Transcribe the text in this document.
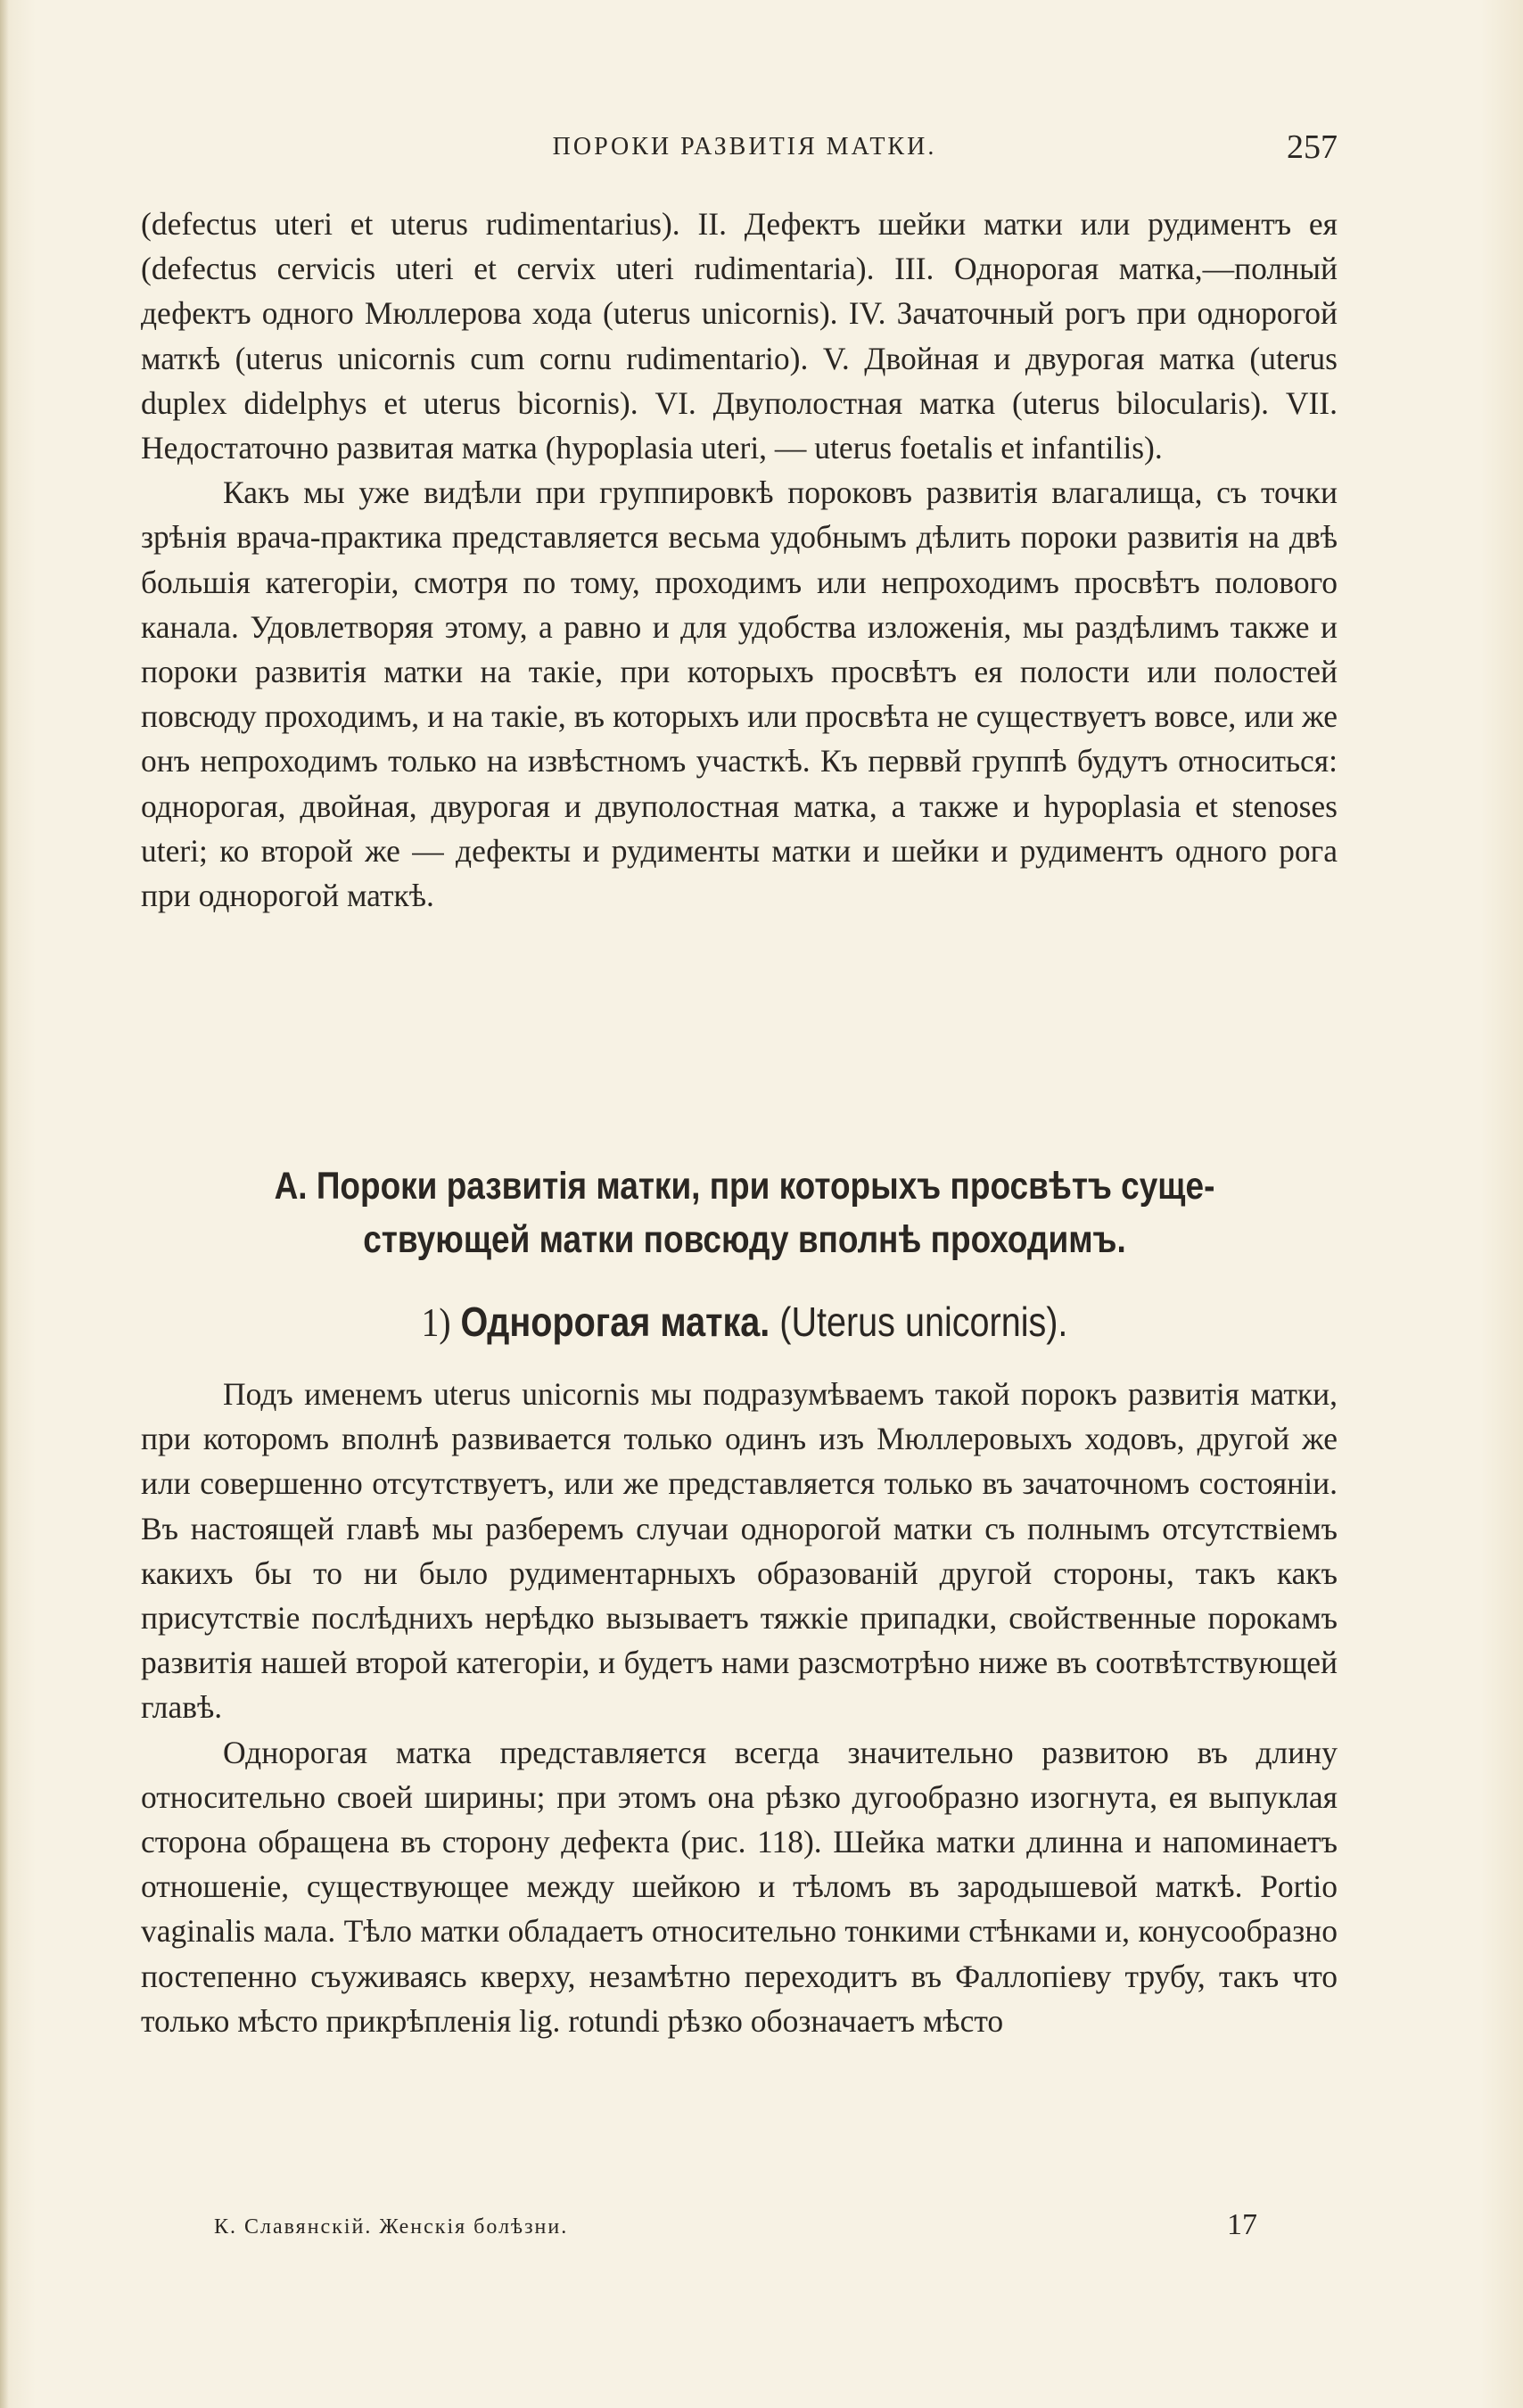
ПОРОКИ РАЗВИТІЯ МАТКИ.	257

(defectus uteri et uterus rudimentarius). II. Дефектъ шейки матки или рудиментъ ея (defectus cervicis uteri et cervix uteri rudimentaria). III. Однорогая матка,—полный дефектъ одного Мюллерова хода (uterus unicornis). IV. Зачаточный рогъ при однорогой маткѣ (uterus unicornis cum cornu rudimentario). V. Двойная и двурогая матка (uterus duplex didelphys et uterus bicornis). VI. Двуполостная матка (uterus bilocularis). VII. Недостаточно развитая матка (hypoplasia uteri, — uterus foetalis et infantilis).

Какъ мы уже видѣли при группировкѣ пороковъ развитія влагалища, съ точки зрѣнія врача-практика представляется весьма удобнымъ дѣлить пороки развитія на двѣ большія категоріи, смотря по тому, проходимъ или непроходимъ просвѣтъ полового канала. Удовлетворяя этому, а равно и для удобства изложенія, мы раздѣлимъ также и пороки развитія матки на такіе, при которыхъ просвѣтъ ея полости или полостей повсюду проходимъ, и на такіе, въ которыхъ или просвѣта не существуетъ вовсе, или же онъ непроходимъ только на извѣстномъ участкѣ. Къ перввй группѣ будутъ относиться: однорогая, двойная, двурогая и двуполостная матка, а также и hypoplasia et stenoses uteri; ко второй же — дефекты и рудименты матки и шейки и рудиментъ одного рога при однорогой маткѣ.

A. Пороки развитія матки, при которыхъ просвѣтъ существующей матки повсюду вполнѣ проходимъ.
1) Однорогая матка. (Uterus unicornis).

Подъ именемъ uterus unicornis мы подразумѣваемъ такой порокъ развитія матки, при которомъ вполнѣ развивается только одинъ изъ Мюллеровыхъ ходовъ, другой же или совершенно отсутствуетъ, или же представляется только въ зачаточномъ состояніи. Въ настоящей главѣ мы разберемъ случаи однорогой матки съ полнымъ отсутствіемъ какихъ бы то ни было рудиментарныхъ образованій другой стороны, такъ какъ присутствіе послѣднихъ нерѣдко вызываетъ тяжкіе припадки, свойственные порокамъ развитія нашей второй категоріи, и будетъ нами разсмотрѣно ниже въ соотвѣтствующей главѣ.

Однорогая матка представляется всегда значительно развитою въ длину относительно своей ширины; при этомъ она рѣзко дугообразно изогнута, ея выпуклая сторона обращена въ сторону дефекта (рис. 118). Шейка матки длинна и напоминаетъ отношеніе, существующее между шейкою и тѣломъ въ зародышевой маткѣ. Portio vaginalis мала. Тѣло матки обладаетъ относительно тонкими стѣнками и, конусообразно постепенно съуживаясь кверху, незамѣтно переходитъ въ Фаллопіеву трубу, такъ что только мѣсто прикрѣпленія lig. rotundi рѣзко обозначаетъ мѣсто

К. Славянскій. Женскія болѣзни.	17
